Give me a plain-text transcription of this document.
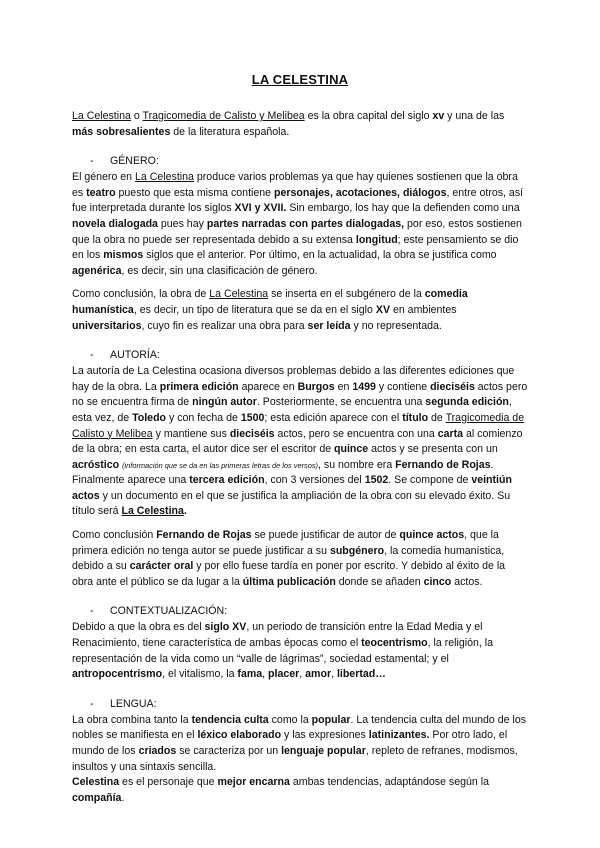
LA CELESTINA

La Celestina o Tragicomedia de Calisto y Melibea es la obra capital del siglo xv y una de las más sobresalientes de la literatura española.

- GÉNERO:

El género en La Celestina produce varios problemas ya que hay quienes sostienen que la obra es teatro puesto que esta misma contiene personajes, acotaciones, diálogos, entre otros, así fue interpretada durante los siglos XVI y XVII. Sin embargo, los hay que la defienden como una novela dialogada pues hay partes narradas con partes dialogadas, por eso, estos sostienen que la obra no puede ser representada debido a su extensa longitud; este pensamiento se dio en los mismos siglos que el anterior. Por último, en la actualidad, la obra se justifica como agenérica, es decir, sin una clasificación de género.

Como conclusión, la obra de La Celestina se inserta en el subgénero de la comedia humanística, es decir, un tipo de literatura que se da en el siglo XV en ambientes universitarios, cuyo fin es realizar una obra para ser leída y no representada.

- AUTORÍA:

La autoría de La Celestina ocasiona diversos problemas debido a las diferentes ediciones que hay de la obra. La primera edición aparece en Burgos en 1499 y contiene dieciséis actos pero no se encuentra firma de ningún autor. Posteriormente, se encuentra una segunda edición, esta vez, de Toledo y con fecha de 1500; esta edición aparece con el título de Tragicomedia de Calisto y Melibea y mantiene sus dieciséis actos, pero se encuentra con una carta al comienzo de la obra; en esta carta, el autor dice ser el escritor de quince actos y se presenta con un acróstico (información que se da en las primeras letras de los versos), su nombre era Fernando de Rojas. Finalmente aparece una tercera edición, con 3 versiones del 1502. Se compone de veintiún actos y un documento en el que se justifica la ampliación de la obra con su elevado éxito. Su título será La Celestina.

Como conclusión Fernando de Rojas se puede justificar de autor de quince actos, que la primera edición no tenga autor se puede justificar a su subgénero, la comedia humanística, debido a su carácter oral y por ello fuese tardía en poner por escrito. Y debido al éxito de la obra ante el público se da lugar a la última publicación donde se añaden cinco actos.

- CONTEXTUALIZACIÓN:

Debido a que la obra es del siglo XV, un periodo de transición entre la Edad Media y el Renacimiento, tiene característica de ambas épocas como el teocentrismo, la religión, la representación de la vida como un “valle de lágrimas”, sociedad estamental; y el antropocentrismo, el vitalismo, la fama, placer, amor, libertad…

- LENGUA:

La obra combina tanto la tendencia culta como la popular. La tendencia culta del mundo de los nobles se manifiesta en el léxico elaborado y las expresiones latinizantes. Por otro lado, el mundo de los criados se caracteriza por un lenguaje popular, repleto de refranes, modismos, insultos y una sintaxis sencilla.

Celestina es el personaje que mejor encarna ambas tendencias, adaptándose según la compañía.
